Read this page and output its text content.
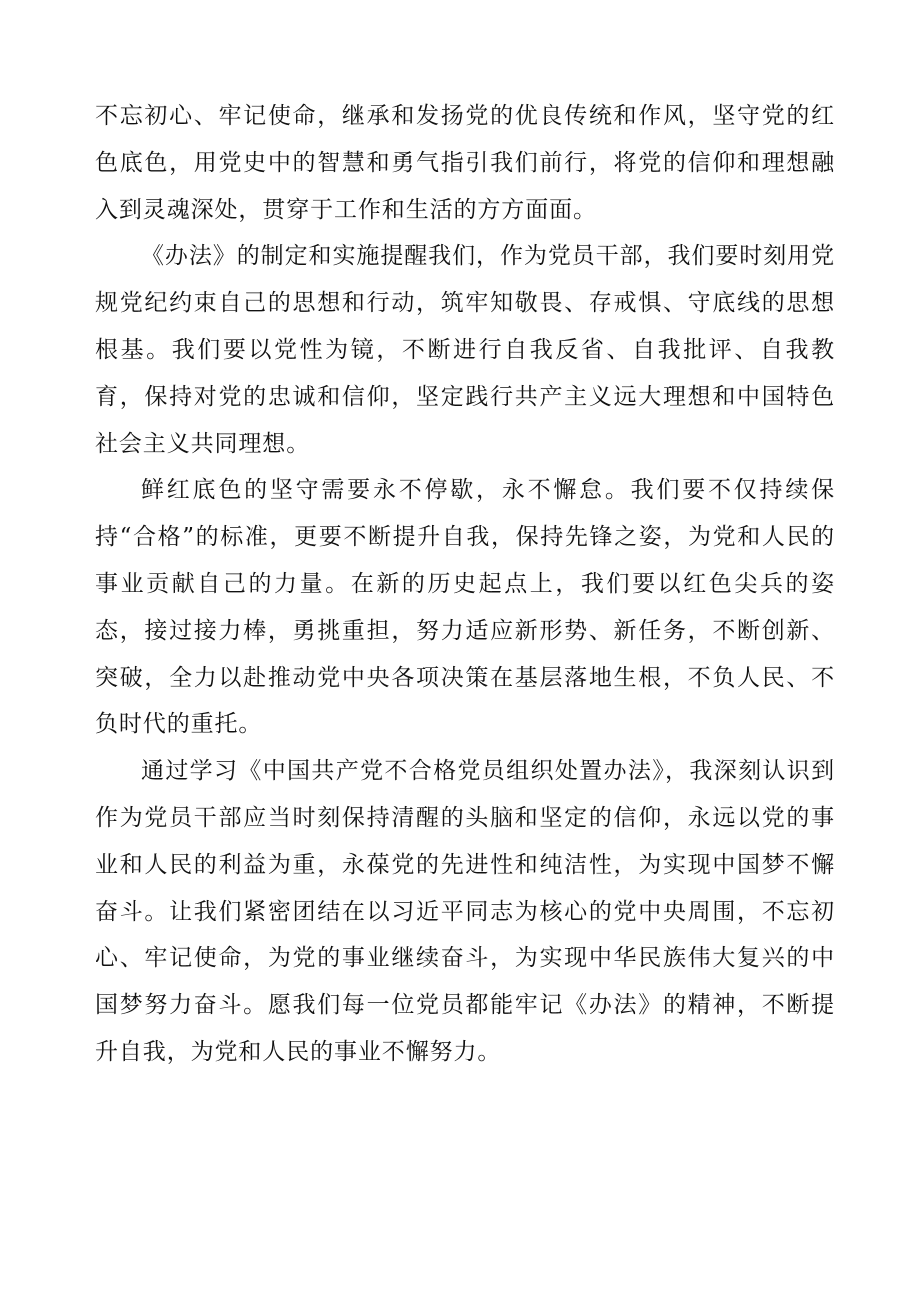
不忘初心、牢记使命，继承和发扬党的优良传统和作风，坚守党的红色底色，用党史中的智慧和勇气指引我们前行，将党的信仰和理想融入到灵魂深处，贯穿于工作和生活的方方面面。

《办法》的制定和实施提醒我们，作为党员干部，我们要时刻用党规党纪约束自己的思想和行动，筑牢知敬畏、存戒惧、守底线的思想根基。我们要以党性为镜，不断进行自我反省、自我批评、自我教育，保持对党的忠诚和信仰，坚定践行共产主义远大理想和中国特色社会主义共同理想。

鲜红底色的坚守需要永不停歇，永不懈怠。我们要不仅持续保持“合格”的标准，更要不断提升自我，保持先锋之姿，为党和人民的事业贡献自己的力量。在新的历史起点上，我们要以红色尖兵的姿态，接过接力棒，勇挑重担，努力适应新形势、新任务，不断创新、突破，全力以赴推动党中央各项决策在基层落地生根，不负人民、不负时代的重托。

通过学习《中国共产党不合格党员组织处置办法》，我深刻认识到作为党员干部应当时刻保持清醒的头脑和坚定的信仰，永远以党的事业和人民的利益为重，永葆党的先进性和纯洁性，为实现中国梦不懈奋斗。让我们紧密团结在以习近平同志为核心的党中央周围，不忘初心、牢记使命，为党的事业继续奋斗，为实现中华民族伟大复兴的中国梦努力奋斗。愿我们每一位党员都能牢记《办法》的精神，不断提升自我，为党和人民的事业不懈努力。
